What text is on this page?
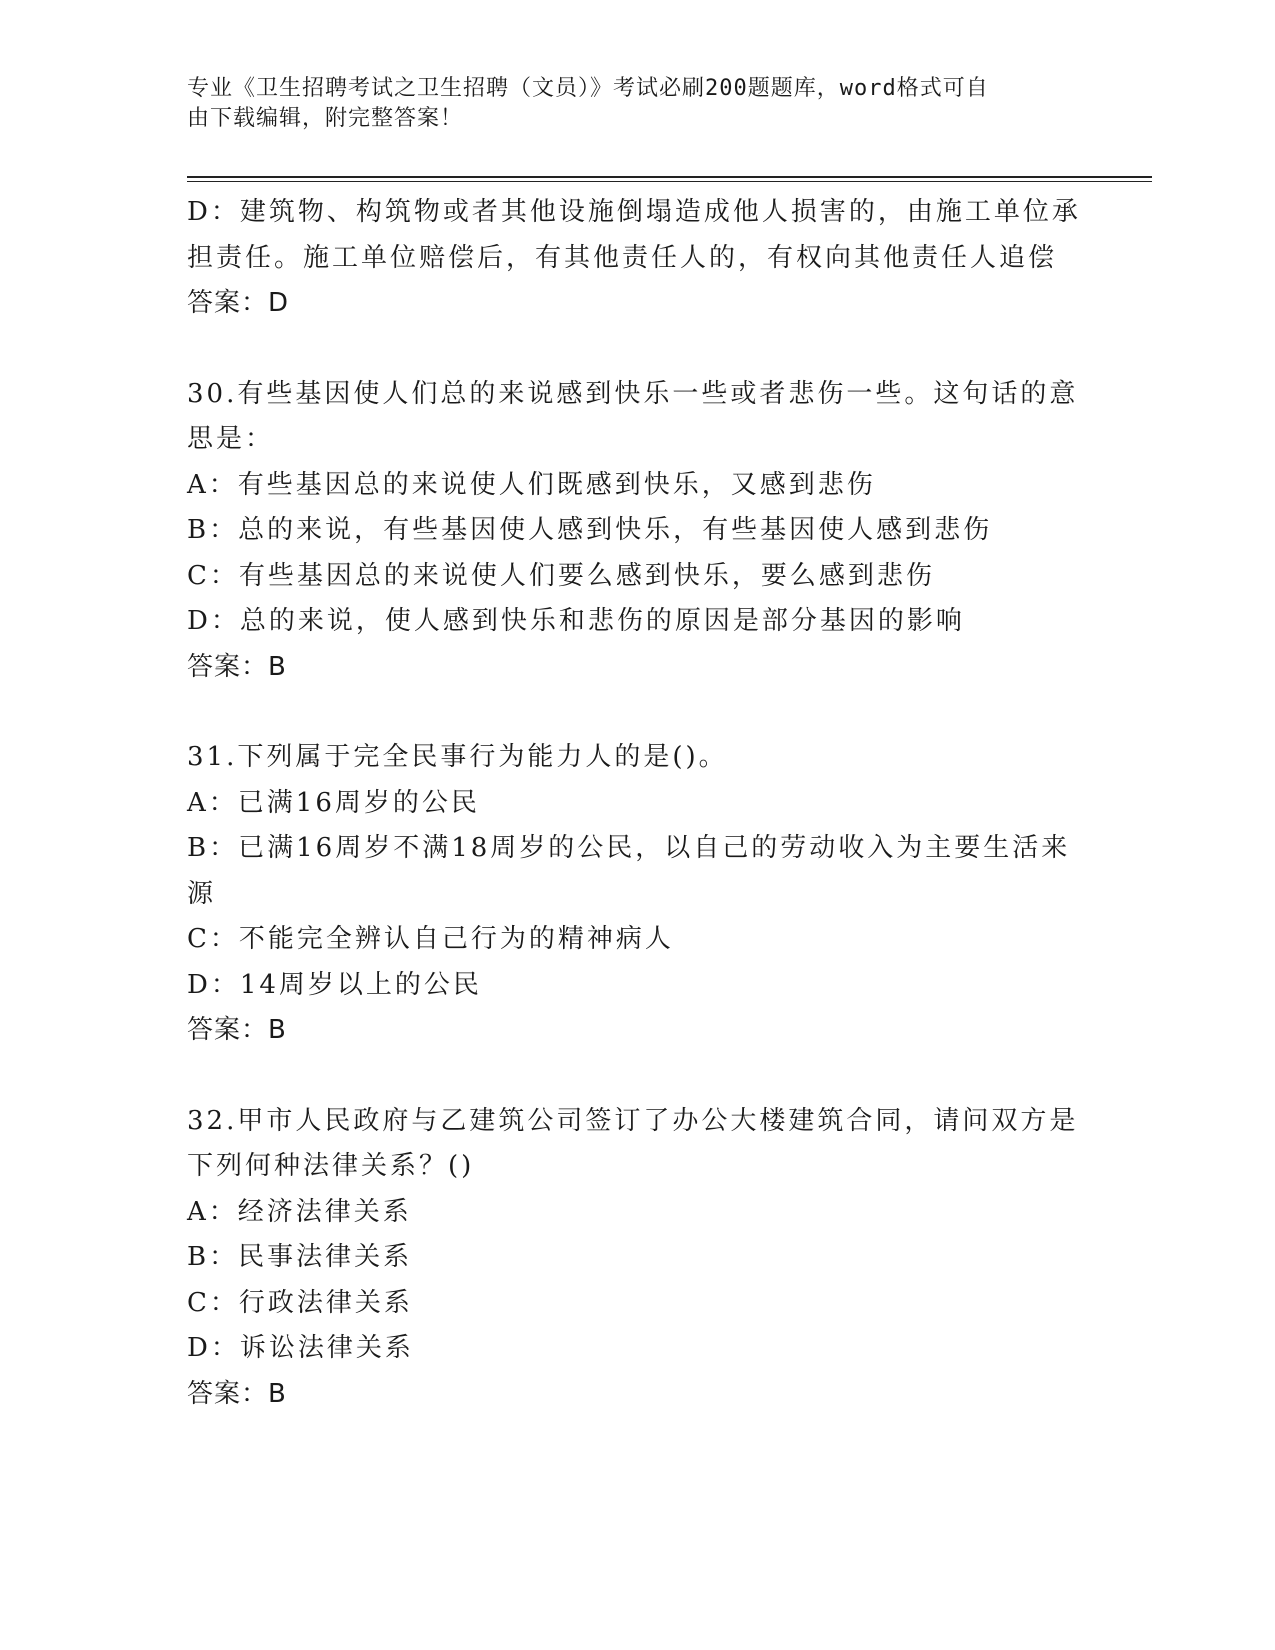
专业《卫生招聘考试之卫生招聘（文员）》考试必刷200题题库，word格式可自
由下载编辑，附完整答案！
D：建筑物、构筑物或者其他设施倒塌造成他人损害的，由施工单位承
担责任。施工单位赔偿后，有其他责任人的，有权向其他责任人追偿
答案：D
30.有些基因使人们总的来说感到快乐一些或者悲伤一些。这句话的意
思是：
A：有些基因总的来说使人们既感到快乐，又感到悲伤
B：总的来说，有些基因使人感到快乐，有些基因使人感到悲伤
C：有些基因总的来说使人们要么感到快乐，要么感到悲伤
D：总的来说，使人感到快乐和悲伤的原因是部分基因的影响
答案：B
31.下列属于完全民事行为能力人的是()。
A：已满16周岁的公民
B：已满16周岁不满18周岁的公民，以自己的劳动收入为主要生活来
源
C：不能完全辨认自己行为的精神病人
D：14周岁以上的公民
答案：B
32.甲市人民政府与乙建筑公司签订了办公大楼建筑合同，请问双方是
下列何种法律关系？()
A：经济法律关系
B：民事法律关系
C：行政法律关系
D：诉讼法律关系
答案：B
